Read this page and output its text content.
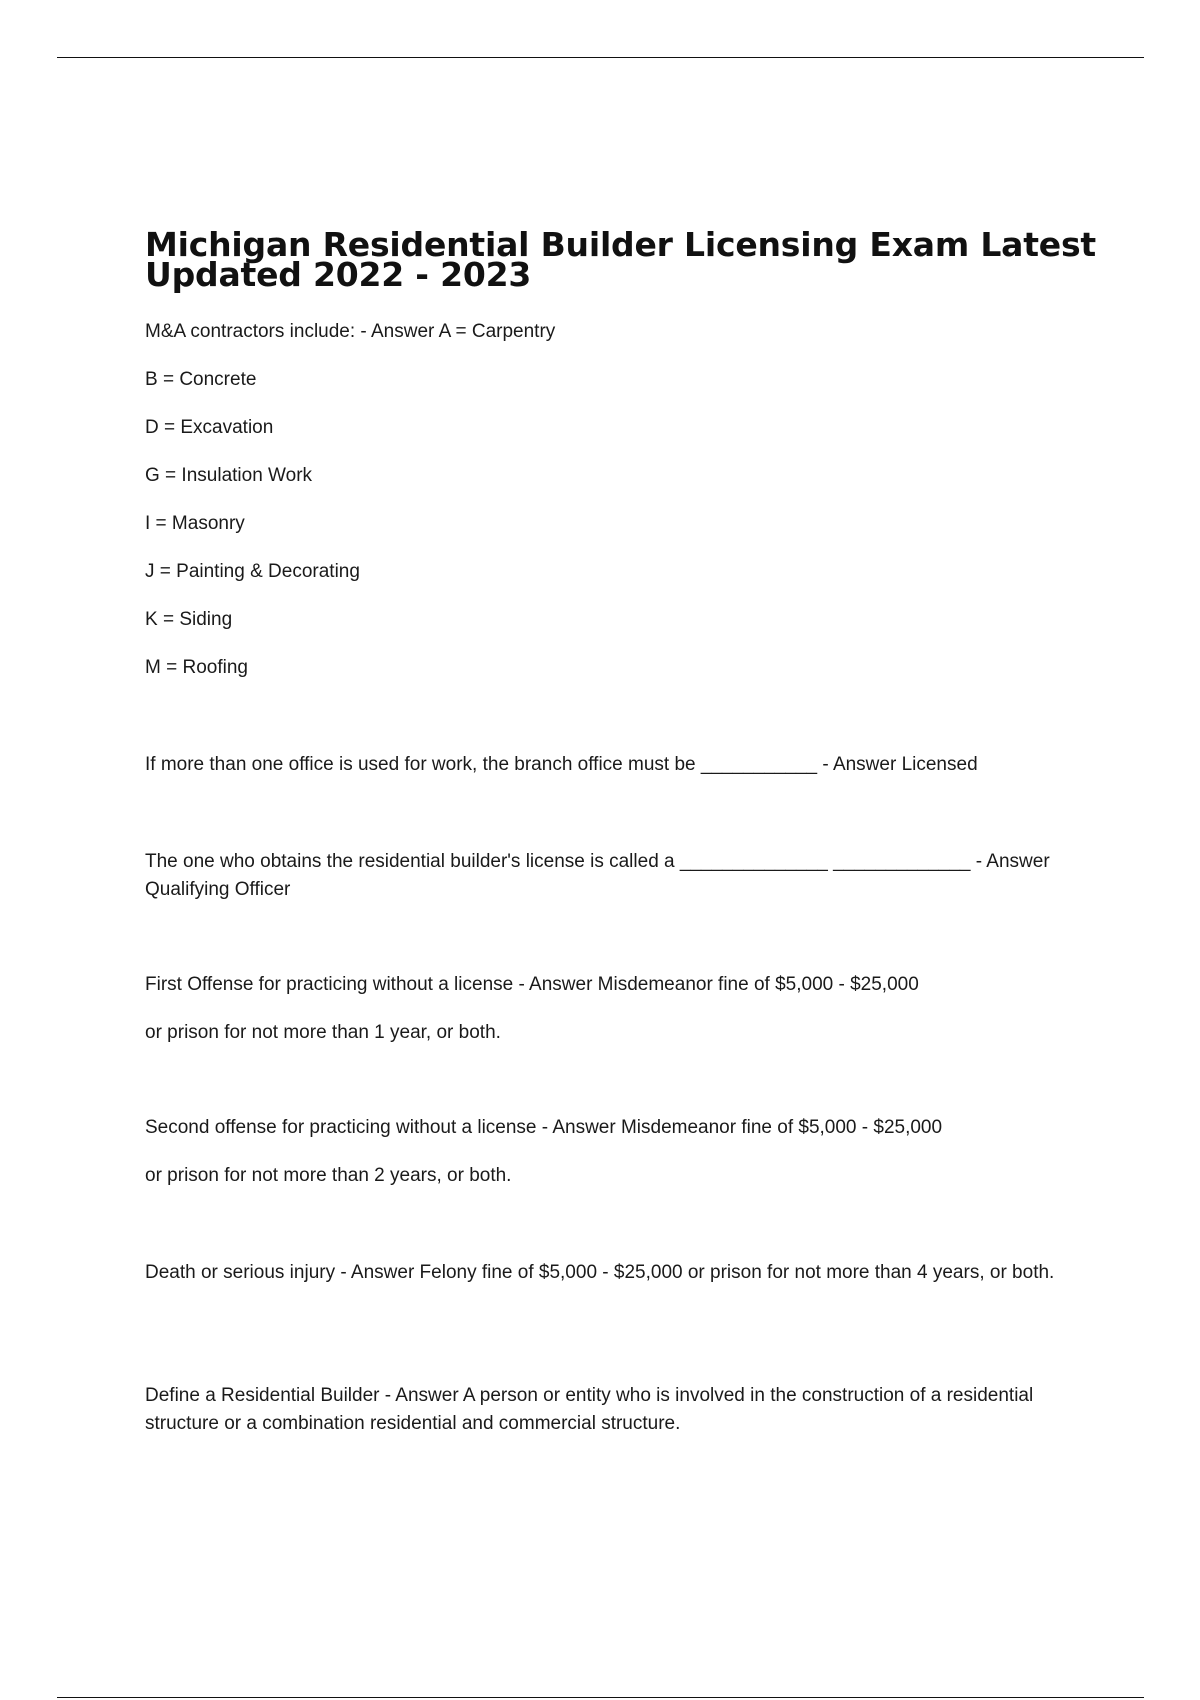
Michigan Residential Builder Licensing Exam Latest Updated 2022 - 2023

M&A contractors include: - Answer A = Carpentry

B = Concrete

D = Excavation

G = Insulation Work

I = Masonry

J = Painting & Decorating

K = Siding

M = Roofing

If more than one office is used for work, the branch office must be ___________ - Answer Licensed

The one who obtains the residential builder's license is called a ______________ _____________ - Answer Qualifying Officer

First Offense for practicing without a license - Answer Misdemeanor fine of $5,000 - $25,000

or prison for not more than 1 year, or both.

Second offense for practicing without a license - Answer Misdemeanor fine of $5,000 - $25,000

or prison for not more than 2 years, or both.

Death or serious injury - Answer Felony fine of $5,000 - $25,000 or prison for not more than 4 years, or both.

Define a Residential Builder - Answer A person or entity who is involved in the construction of a residential structure or a combination residential and commercial structure.
